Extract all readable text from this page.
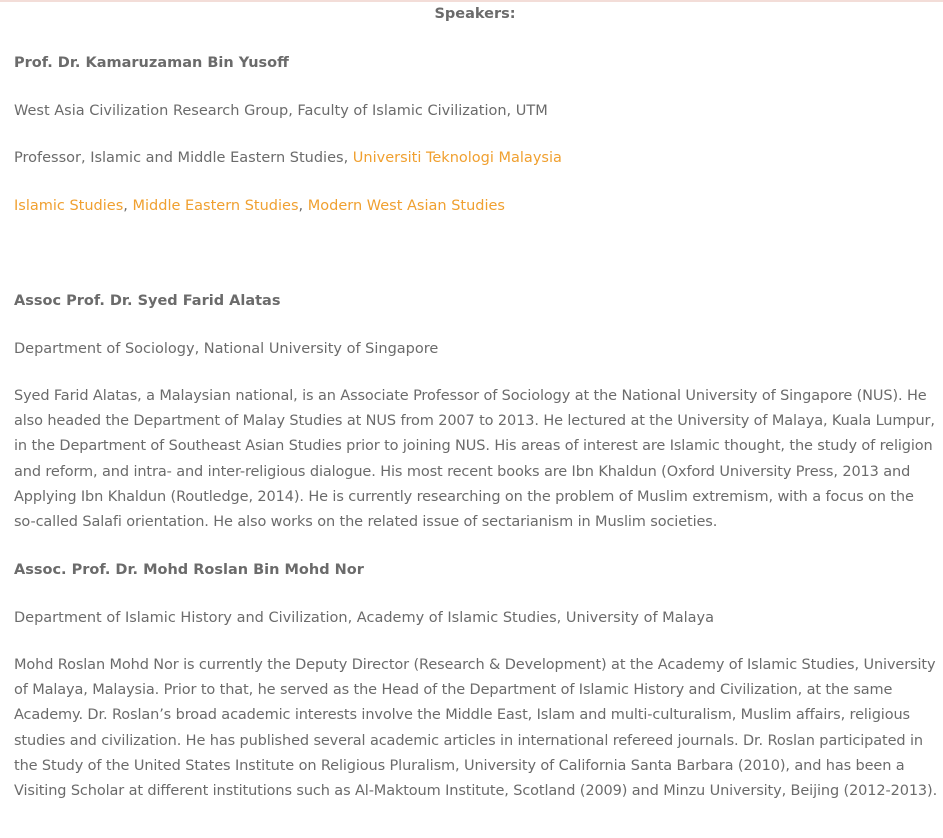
Speakers:

Prof. Dr. Kamaruzaman Bin Yusoff

West Asia Civilization Research Group, Faculty of Islamic Civilization, UTM

Professor, Islamic and Middle Eastern Studies, Universiti Teknologi Malaysia

Islamic Studies, Middle Eastern Studies, Modern West Asian Studies

Assoc Prof. Dr. Syed Farid Alatas

Department of Sociology, National University of Singapore

Syed Farid Alatas, a Malaysian national, is an Associate Professor of Sociology at the National University of Singapore (NUS). He also headed the Department of Malay Studies at NUS from 2007 to 2013. He lectured at the University of Malaya, Kuala Lumpur, in the Department of Southeast Asian Studies prior to joining NUS. His areas of interest are Islamic thought, the study of religion and reform, and intra- and inter-religious dialogue. His most recent books are Ibn Khaldun (Oxford University Press, 2013 and Applying Ibn Khaldun (Routledge, 2014). He is currently researching on the problem of Muslim extremism, with a focus on the so-called Salafi orientation. He also works on the related issue of sectarianism in Muslim societies.

Assoc. Prof. Dr. Mohd Roslan Bin Mohd Nor

Department of Islamic History and Civilization, Academy of Islamic Studies, University of Malaya

Mohd Roslan Mohd Nor is currently the Deputy Director (Research & Development) at the Academy of Islamic Studies, University of Malaya, Malaysia. Prior to that, he served as the Head of the Department of Islamic History and Civilization, at the same Academy. Dr. Roslan’s broad academic interests involve the Middle East, Islam and multi-culturalism, Muslim affairs, religious studies and civilization. He has published several academic articles in international refereed journals. Dr. Roslan participated in the Study of the United States Institute on Religious Pluralism, University of California Santa Barbara (2010), and has been a Visiting Scholar at different institutions such as Al-Maktoum Institute, Scotland (2009) and Minzu University, Beijing (2012-2013).
